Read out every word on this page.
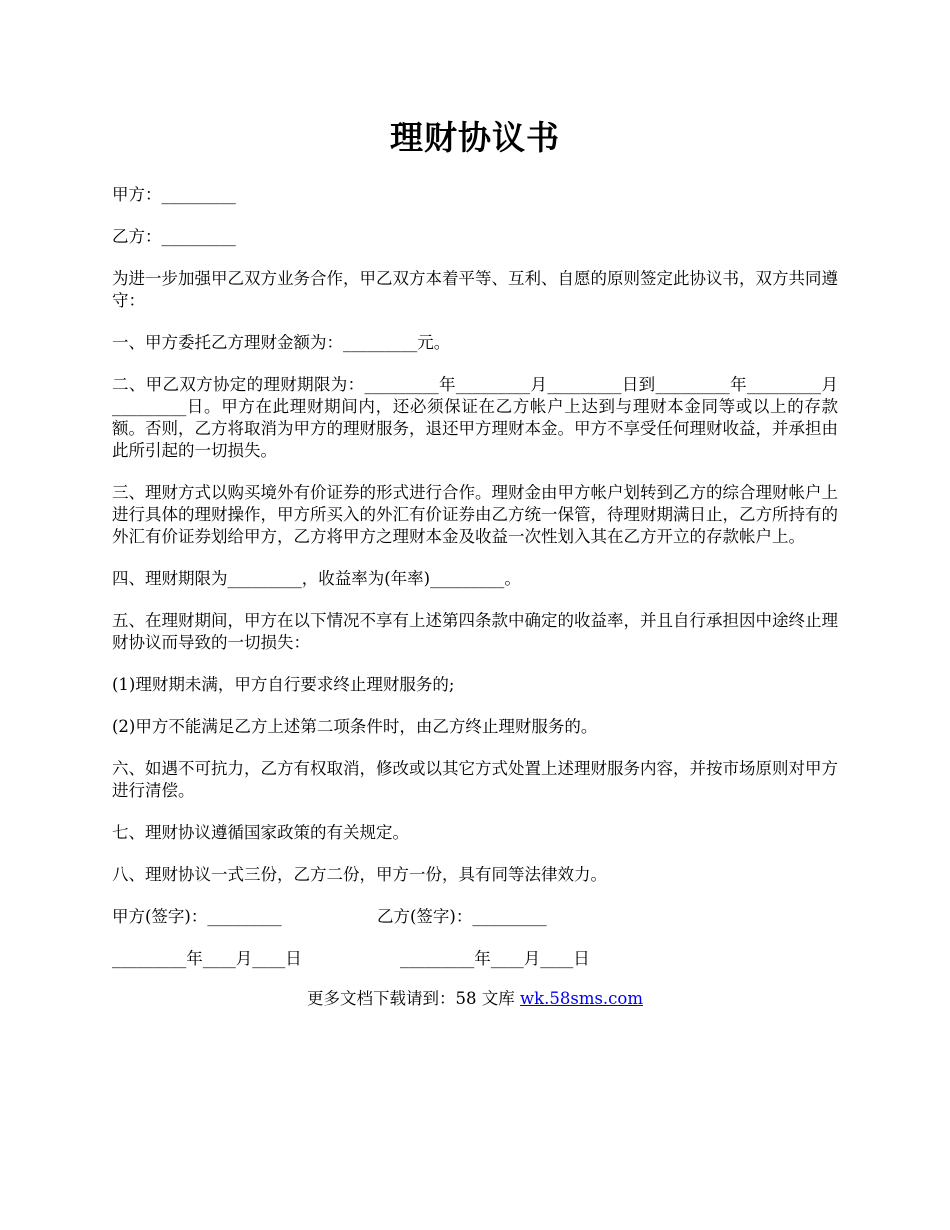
理财协议书

甲方：_________

乙方：_________

为进一步加强甲乙双方业务合作，甲乙双方本着平等、互利、自愿的原则签定此协议书，双方共同遵守：

一、甲方委托乙方理财金额为：_________元。

二、甲乙双方协定的理财期限为：_________年_________月_________日到_________年_________月_________日。甲方在此理财期间内，还必须保证在乙方帐户上达到与理财本金同等或以上的存款额。否则，乙方将取消为甲方的理财服务，退还甲方理财本金。甲方不享受任何理财收益，并承担由此所引起的一切损失。

三、理财方式以购买境外有价证券的形式进行合作。理财金由甲方帐户划转到乙方的综合理财帐户上进行具体的理财操作，甲方所买入的外汇有价证券由乙方统一保管，待理财期满日止，乙方所持有的外汇有价证券划给甲方，乙方将甲方之理财本金及收益一次性划入其在乙方开立的存款帐户上。

四、理财期限为_________，收益率为(年率)_________。

五、在理财期间，甲方在以下情况不享有上述第四条款中确定的收益率，并且自行承担因中途终止理财协议而导致的一切损失：

(1)理财期未满，甲方自行要求终止理财服务的;

(2)甲方不能满足乙方上述第二项条件时，由乙方终止理财服务的。

六、如遇不可抗力，乙方有权取消，修改或以其它方式处置上述理财服务内容，并按市场原则对甲方进行清偿。

七、理财协议遵循国家政策的有关规定。

八、理财协议一式三份，乙方二份，甲方一份，具有同等法律效力。

甲方(签字)：_________	乙方(签字)：_________
_________年____月____日	_________年____月____日
更多文档下载请到：58 文库 wk.58sms.com
